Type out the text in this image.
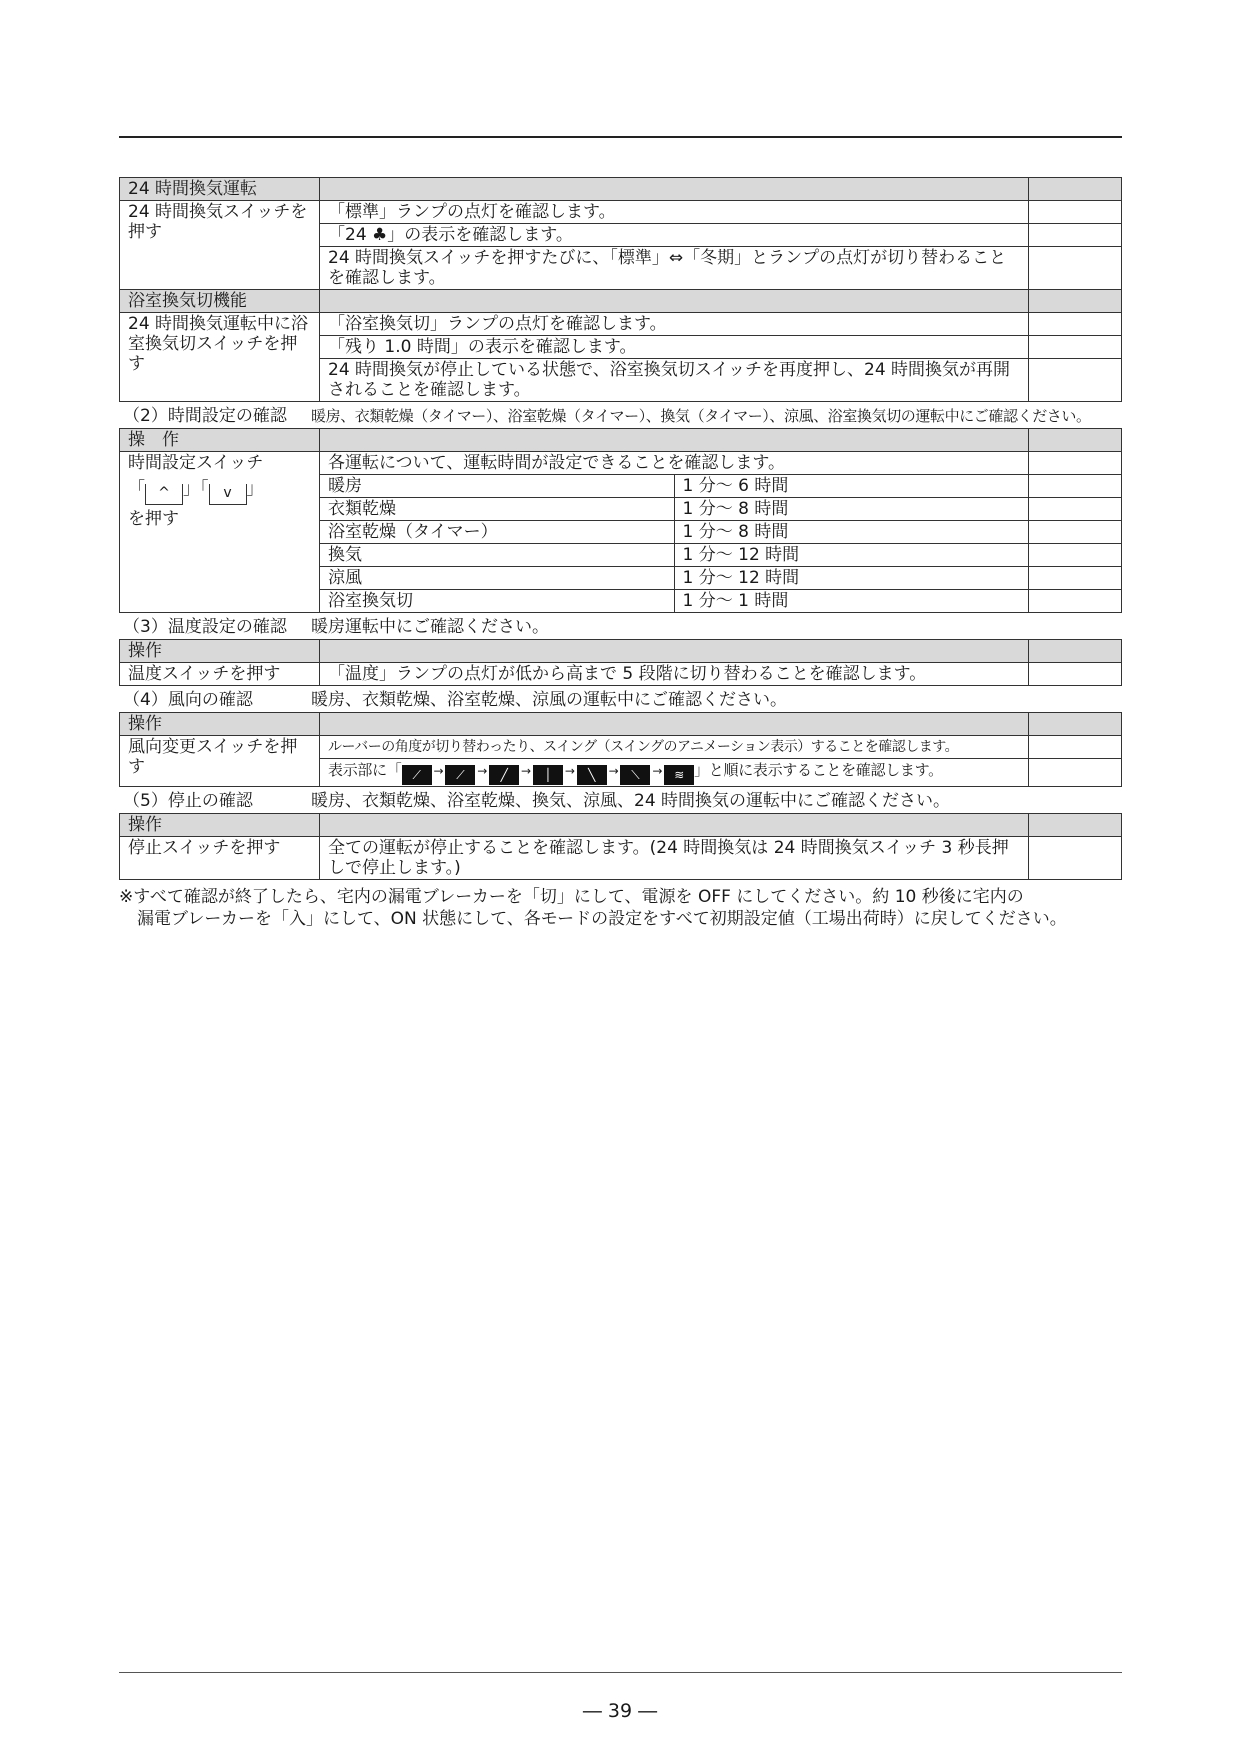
24 時間換気運転		
24 時間換気スイッチを押す	「標準」ランプの点灯を確認します。	
	「24 ♣」の表示を確認します。	
	24 時間換気スイッチを押すたびに、「標準」⇔「冬期」とランプの点灯が切り替わることを確認します。	
浴室換気切機能		
24 時間換気運転中に浴室換気切スイッチを押す	「浴室換気切」ランプの点灯を確認します。	
	「残り 1.0 時間」の表示を確認します。	
	24 時間換気が停止している状態で、浴室換気切スイッチを再度押し、24 時間換気が再開されることを確認します。	
（2）時間設定の確認	暖房、衣類乾燥（タイマー）、浴室乾燥（タイマー）、換気（タイマー）、涼風、浴室換気切の運転中にご確認ください。
操　作			

時間設定スイッチ
「 ^ 」「 v 」
を押す	各運転について、運転時間が設定できることを確認します。		
	暖房	1 分～ 6 時間	
	衣類乾燥	1 分～ 8 時間	
	浴室乾燥（タイマー）	1 分～ 8 時間	
	換気	1 分～ 12 時間	
	涼風	1 分～ 12 時間	
	浴室換気切	1 分～ 1 時間	
（3）温度設定の確認	暖房運転中にご確認ください。
操作		
温度スイッチを押す	「温度」ランプの点灯が低から高まで 5 段階に切り替わることを確認します。	
（4）風向の確認	暖房、衣類乾燥、浴室乾燥、涼風の運転中にご確認ください。
操作		
風向変更スイッチを押す	ルーバーの角度が切り替わったり、スイング（スイングのアニメーション表示）することを確認します。	
	表示部に「 ⟋ → ⟋ → ╱ → │ → ╲ → ⟍ → ≋ 」と順に表示することを確認します。	
（5）停止の確認	暖房、衣類乾燥、浴室乾燥、換気、涼風、24 時間換気の運転中にご確認ください。
操作		
停止スイッチを押す	全ての運転が停止することを確認します。(24 時間換気は 24 時間換気スイッチ 3 秒長押しで停止します。)	
※すべて確認が終了したら、宅内の漏電ブレーカーを「切」にして、電源を OFF にしてください。約 10 秒後に宅内の
漏電ブレーカーを「入」にして、ON 状態にして、各モードの設定をすべて初期設定値（工場出荷時）に戻してください。
― 39 ―
